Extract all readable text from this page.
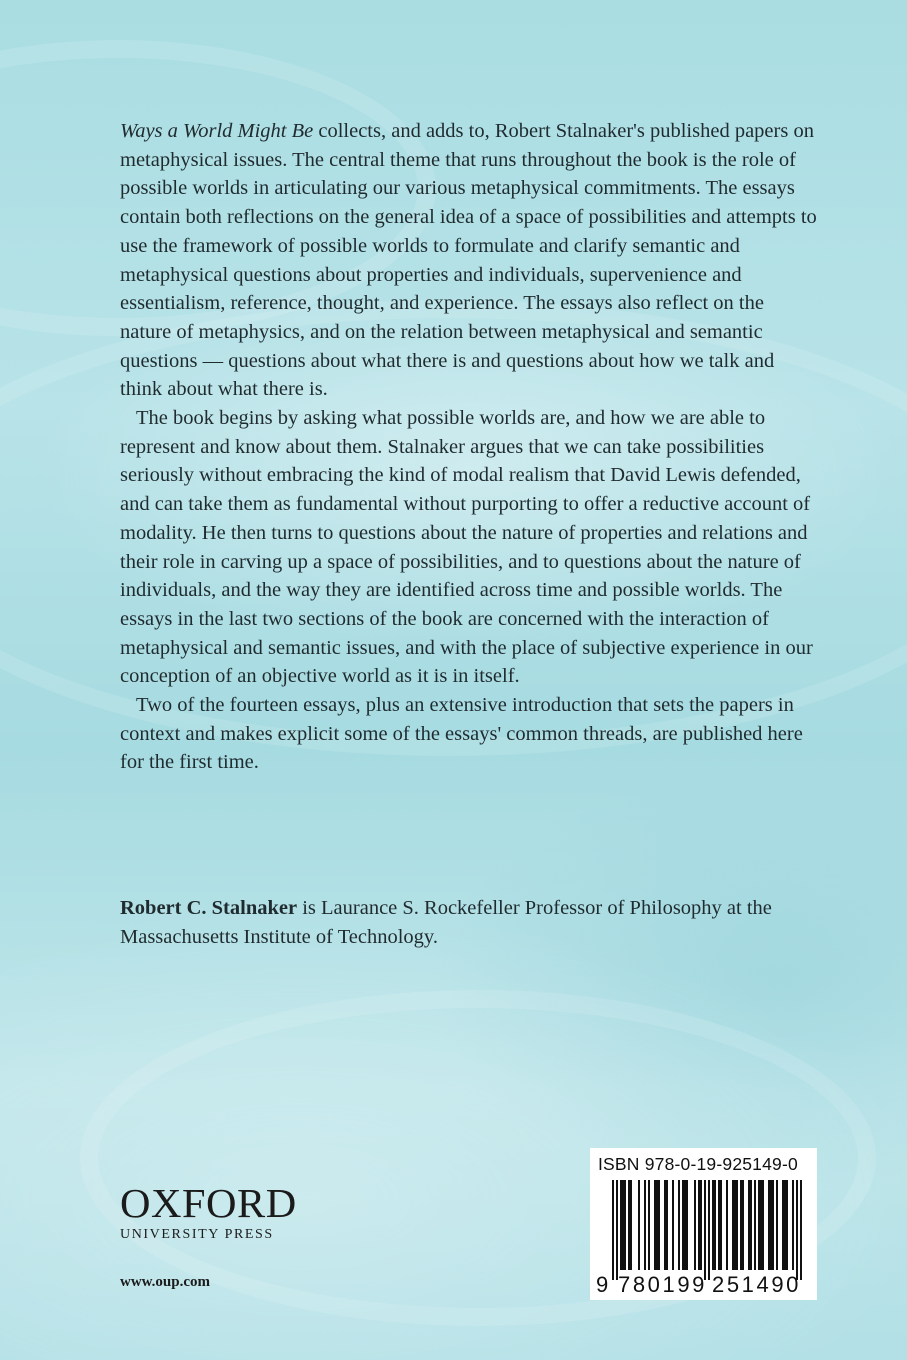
Ways a World Might Be collects, and adds to, Robert Stalnaker's published papers on metaphysical issues. The central theme that runs throughout the book is the role of possible worlds in articulating our various metaphysical commitments. The essays contain both reflections on the general idea of a space of possibilities and attempts to use the framework of possible worlds to formulate and clarify semantic and metaphysical questions about properties and individuals, supervenience and essentialism, reference, thought, and experience. The essays also reflect on the nature of metaphysics, and on the relation between metaphysical and semantic questions — questions about what there is and questions about how we talk and think about what there is.

The book begins by asking what possible worlds are, and how we are able to represent and know about them. Stalnaker argues that we can take possibilities seriously without embracing the kind of modal realism that David Lewis defended, and can take them as fundamental without purporting to offer a reductive account of modality. He then turns to questions about the nature of properties and relations and their role in carving up a space of possibilities, and to questions about the nature of individuals, and the way they are identified across time and possible worlds. The essays in the last two sections of the book are concerned with the interaction of metaphysical and semantic issues, and with the place of subjective experience in our conception of an objective world as it is in itself.

Two of the fourteen essays, plus an extensive introduction that sets the papers in context and makes explicit some of the essays' common threads, are published here for the first time.

Robert C. Stalnaker is Laurance S. Rockefeller Professor of Philosophy at the Massachusetts Institute of Technology.
OXFORD
UNIVERSITY PRESS
www.oup.com
ISBN 978-0-19-925149-0
9 780199 251490
